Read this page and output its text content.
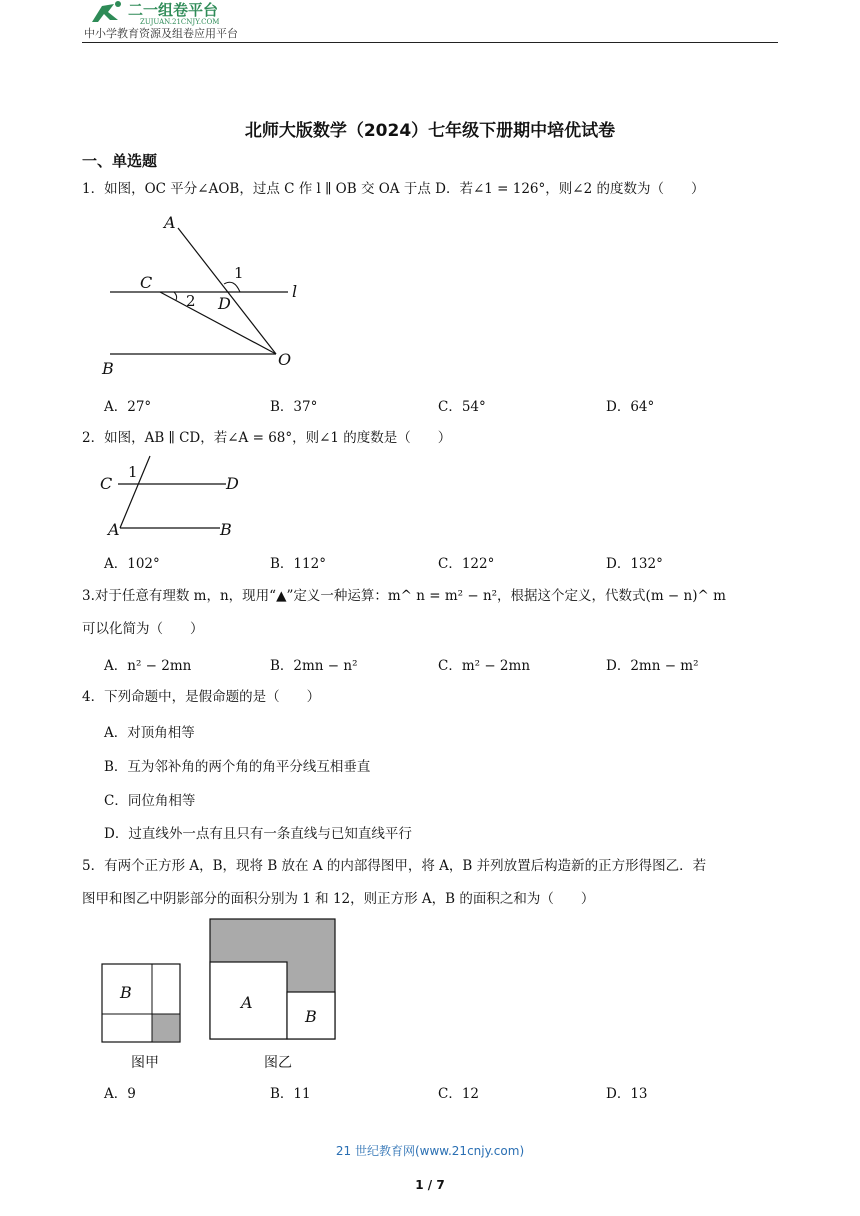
二一组卷平台
ZUJUAN.21CNJY.COM
中小学教育资源及组卷应用平台
北师大版数学（2024）七年级下册期中培优试卷
一、单选题
1．如图，OC 平分∠AOB，过点 C 作 l ∥ OB 交 OA 于点 D．若∠1 = 126°，则∠2 的度数为（　　）
A
1
C
2 D
l
B	O
A．27°	B．37°	C．54°	D．64°
2．如图，AB ∥ CD，若∠A = 68°，则∠1 的度数是（　　）
1
C	D
A	B
A．102°	B．112°	C．122°	D．132°
3.对于任意有理数 m，n，现用“▲”定义一种运算：m^ n = m² − n²，根据这个定义，代数式(m − n)^ m
可以化简为（　　）
A．n² − 2mn	B．2mn − n²	C．m² − 2mn	D．2mn − m²
4．下列命题中，是假命题的是（　　）
A．对顶角相等
B．互为邻补角的两个角的角平分线互相垂直
C．同位角相等
D．过直线外一点有且只有一条直线与已知直线平行
5．有两个正方形 A，B，现将 B 放在 A 的内部得图甲，将 A，B 并列放置后构造新的正方形得图乙．若
图甲和图乙中阴影部分的面积分别为 1 和 12，则正方形 A，B 的面积之和为（　　）
B
A
B
图甲	图乙
A．9	B．11	C．12	D．13
21 世纪教育网(www.21cnjy.com)
1 / 7
